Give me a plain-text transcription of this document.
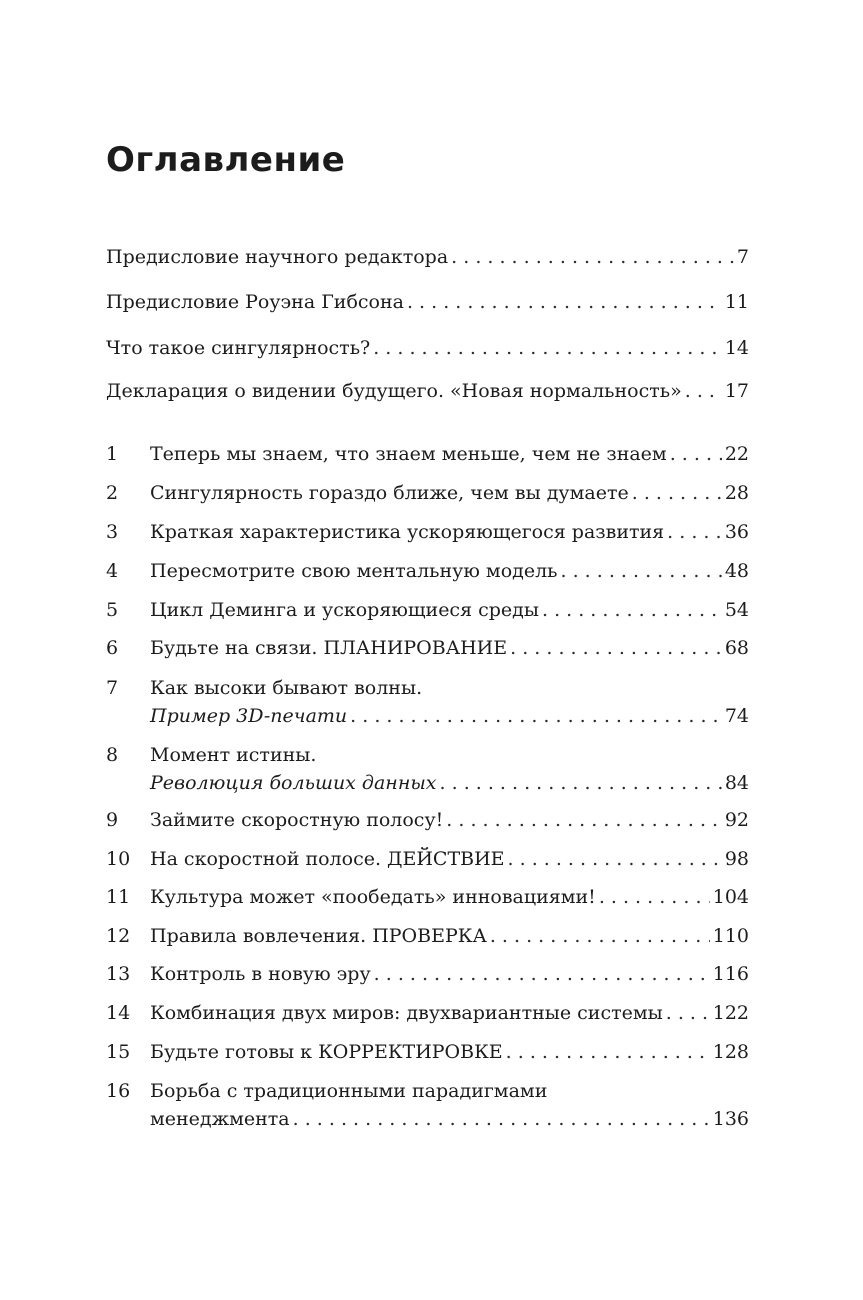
Оглавление
Предисловие научного редактора . . .	7
Предисловие Роуэна Гибсона . . .	11
Что такое сингулярность? . . .	14
Декларация о видении будущего. «Новая нормальность» . . . 17
1	Теперь мы знаем, что знаем меньше, чем не знаем . . .	22
2	Сингулярность гораздо ближе, чем вы думаете . . .	28
3	Краткая характеристика ускоряющегося развития . . .	36
4	Пересмотрите свою ментальную модель . . .	48
5	Цикл Деминга и ускоряющиеся среды . . .	54
6	Будьте на связи. ПЛАНИРОВАНИЕ . . .	68
7	Как высоки бывают волны.
Пример 3D-печати . . .	74
8	Момент истины.
Революция больших данных . . .	84
9	Займите скоростную полосу! . . .	92
10	На скоростной полосе. ДЕЙСТВИЕ . . .	98
11	Культура может «пообедать» инновациями! . . .	104
12	Правила вовлечения. ПРОВЕРКА . . .	110
13	Контроль в новую эру . . .	116
14	Комбинация двух миров: двухвариантные системы . . .	122
15	Будьте готовы к КОРРЕКТИРОВКЕ . . .	128
16	Борьба с традиционными парадигмами
менеджмента . . .	136
